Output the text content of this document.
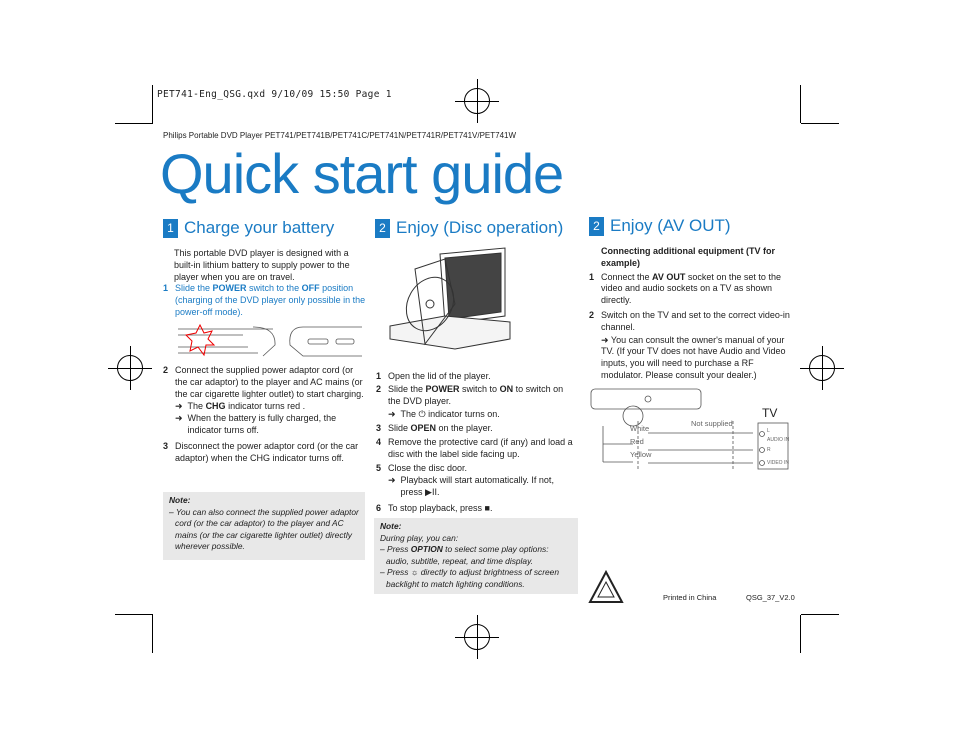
PET741-Eng_QSG.qxd 9/10/09 15:50 Page 1
Philips Portable DVD Player PET741/PET741B/PET741C/PET741N/PET741R/PET741V/PET741W
Quick start guide
1 Charge your battery
This portable DVD player is designed with a built-in lithium battery to supply power to the player when you are on travel.
1 Slide the POWER switch to the OFF position (charging of the DVD player only possible in the power-off mode).
2 Connect the supplied power adaptor cord (or the car adaptor) to the player and AC mains (or the car cigarette lighter outlet) to start charging.
➜ The CHG indicator turns red .
➜ When the battery is fully charged, the indicator turns off.
3 Disconnect the power adaptor cord (or the car adaptor) when the CHG indicator turns off.
Note:
– You can also connect the supplied power adaptor cord (or the car adaptor) to the player and AC mains (or the car cigarette lighter outlet) directly wherever possible.
2 Enjoy (Disc operation)
1 Open the lid of the player.
2 Slide the POWER switch to ON to switch on the DVD player.
➜ The ⏻ indicator turns on.
3 Slide OPEN on the player.
4 Remove the protective card (if any) and load a disc with the label side facing up.
5 Close the disc door.
➜ Playback will start automatically. If not, press ▶II.
6 To stop playback, press ■.
Note:
During play, you can:
– Press OPTION to select some play options: audio, subtitle, repeat, and time display.
– Press ☼ directly to adjust brightness of screen backlight to match lighting conditions.
2 Enjoy (AV OUT)
Connecting additional equipment (TV for example)
1 Connect the AV OUT socket on the set to the video and audio sockets on a TV as shown directly.
2 Switch on the TV and set to the correct video-in channel.
➜ You can consult the owner's manual of your TV. (If your TV does not have Audio and Video inputs, you will need to purchase a RF modulator. Please consult your dealer.)
TV
Not supplied
White
Red
Yellow
L
AUDIO IN
R
VIDEO IN
Printed in China	QSG_37_V2.0
